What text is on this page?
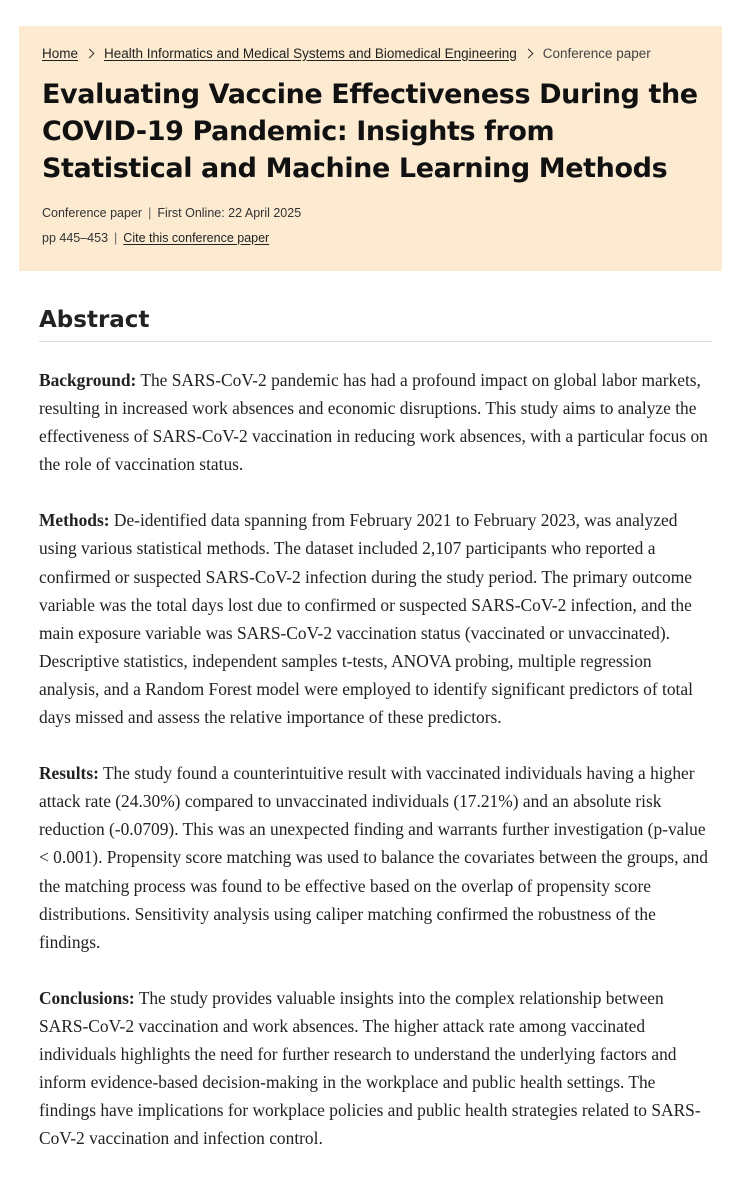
Home Health Informatics and Medical Systems and Biomedical Engineering Conference paper
Evaluating Vaccine Effectiveness During the COVID-19 Pandemic: Insights from Statistical and Machine Learning Methods
Conference paper | First Online: 22 April 2025
pp 445–453 | Cite this conference paper
Abstract

Background: The SARS-CoV-2 pandemic has had a profound impact on global labor markets, resulting in increased work absences and economic disruptions. This study aims to analyze the effectiveness of SARS-CoV-2 vaccination in reducing work absences, with a particular focus on the role of vaccination status.

Methods: De-identified data spanning from February 2021 to February 2023, was analyzed using various statistical methods. The dataset included 2,107 participants who reported a confirmed or suspected SARS-CoV-2 infection during the study period. The primary outcome variable was the total days lost due to confirmed or suspected SARS-CoV-2 infection, and the main exposure variable was SARS-CoV-2 vaccination status (vaccinated or unvaccinated). Descriptive statistics, independent samples t-tests, ANOVA probing, multiple regression analysis, and a Random Forest model were employed to identify significant predictors of total days missed and assess the relative importance of these predictors.

Results: The study found a counterintuitive result with vaccinated individuals having a higher attack rate (24.30%) compared to unvaccinated individuals (17.21%) and an absolute risk reduction (-0.0709). This was an unexpected finding and warrants further investigation (p-value < 0.001). Propensity score matching was used to balance the covariates between the groups, and the matching process was found to be effective based on the overlap of propensity score distributions. Sensitivity analysis using caliper matching confirmed the robustness of the findings.

Conclusions: The study provides valuable insights into the complex relationship between SARS-CoV-2 vaccination and work absences. The higher attack rate among vaccinated individuals highlights the need for further research to understand the underlying factors and inform evidence-based decision-making in the workplace and public health settings. The findings have implications for workplace policies and public health strategies related to SARS-CoV-2 vaccination and infection control.
